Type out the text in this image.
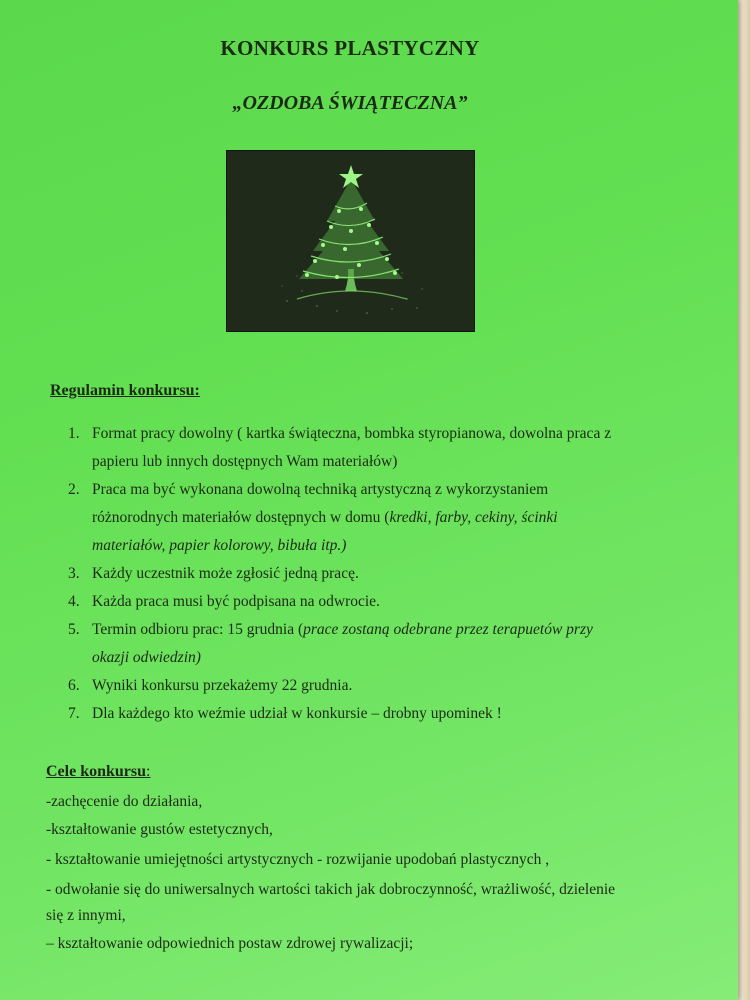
KONKURS PLASTYCZNY
„OZDOBA ŚWIĄTECZNA”
Regulamin konkursu:
1. Format pracy dowolny ( kartka świąteczna, bombka styropianowa, dowolna praca z
papieru lub innych dostępnych Wam materiałów)
2. Praca ma być wykonana dowolną techniką artystyczną z wykorzystaniem
różnorodnych materiałów dostępnych w domu (kredki, farby, cekiny, ścinki
materiałów, papier kolorowy, bibuła itp.)
3. Każdy uczestnik może zgłosić jedną pracę.
4. Każda praca musi być podpisana na odwrocie.
5. Termin odbioru prac: 15 grudnia (prace zostaną odebrane przez terapuetów przy
okazji odwiedzin)
6. Wyniki konkursu przekażemy 22 grudnia.
7. Dla każdego kto weźmie udział w konkursie – drobny upominek !
Cele konkursu:
-zachęcenie do działania,
-kształtowanie gustów estetycznych,
- kształtowanie umiejętności artystycznych - rozwijanie upodobań plastycznych ,
- odwołanie się do uniwersalnych wartości takich jak dobroczynność, wrażliwość, dzielenie
się z innymi,
– kształtowanie odpowiednich postaw zdrowej rywalizacji;
